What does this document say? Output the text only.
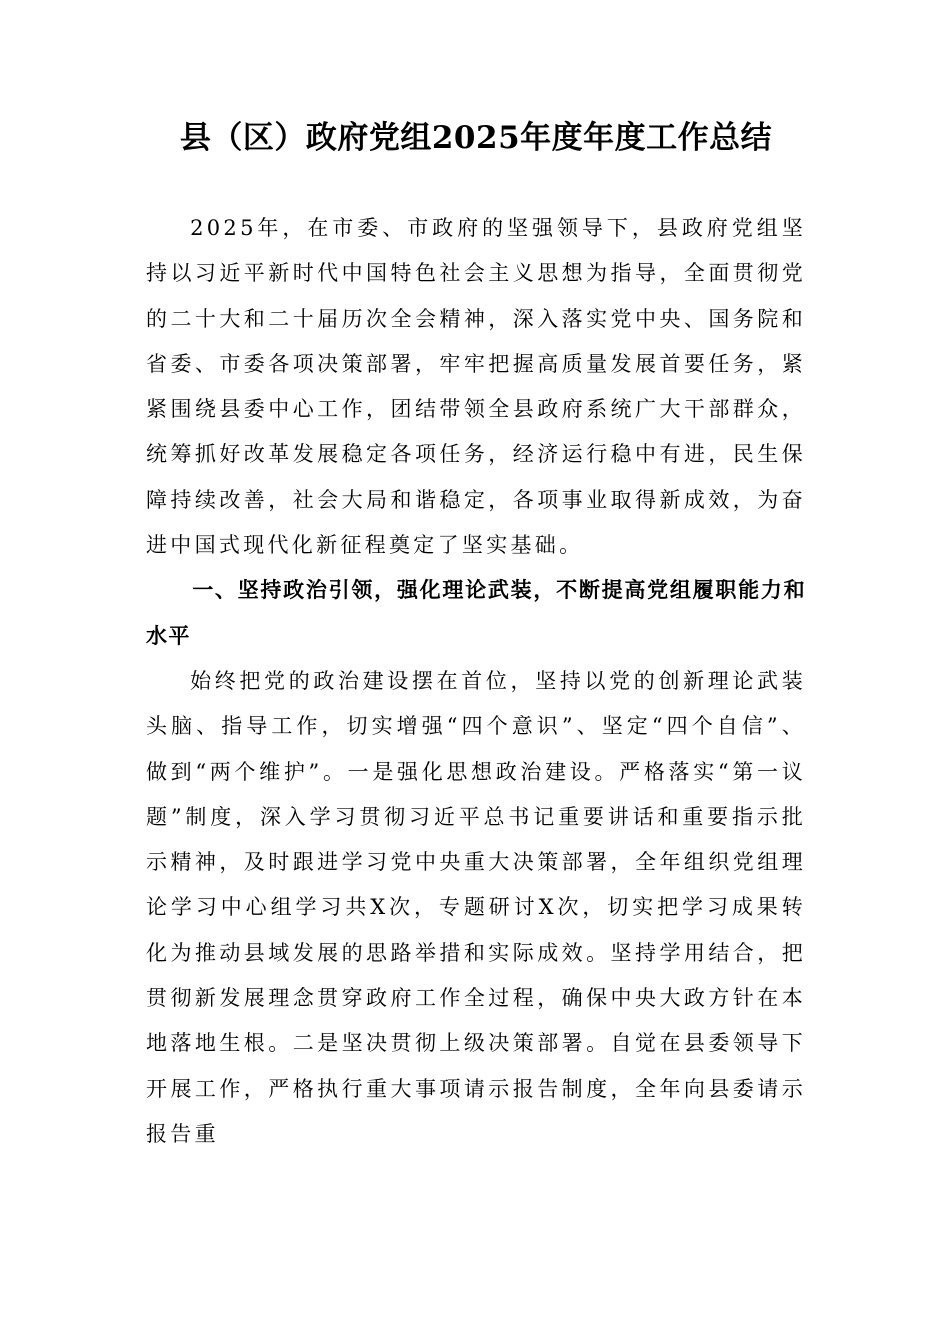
县（区）政府党组2025年度年度工作总结

2025年，在市委、市政府的坚强领导下，县政府党组坚持以习近平新时代中国特色社会主义思想为指导，全面贯彻党的二十大和二十届历次全会精神，深入落实党中央、国务院和省委、市委各项决策部署，牢牢把握高质量发展首要任务，紧紧围绕县委中心工作，团结带领全县政府系统广大干部群众，统筹抓好改革发展稳定各项任务，经济运行稳中有进，民生保障持续改善，社会大局和谐稳定，各项事业取得新成效，为奋进中国式现代化新征程奠定了坚实基础。

一、坚持政治引领，强化理论武装，不断提高党组履职能力和水平

始终把党的政治建设摆在首位，坚持以党的创新理论武装头脑、指导工作，切实增强“四个意识”、坚定“四个自信”、做到“两个维护”。一是强化思想政治建设。严格落实“第一议题”制度，深入学习贯彻习近平总书记重要讲话和重要指示批示精神，及时跟进学习党中央重大决策部署，全年组织党组理论学习中心组学习共X次，专题研讨X次，切实把学习成果转化为推动县域发展的思路举措和实际成效。坚持学用结合，把贯彻新发展理念贯穿政府工作全过程，确保中央大政方针在本地落地生根。二是坚决贯彻上级决策部署。自觉在县委领导下开展工作，严格执行重大事项请示报告制度，全年向县委请示报告重
